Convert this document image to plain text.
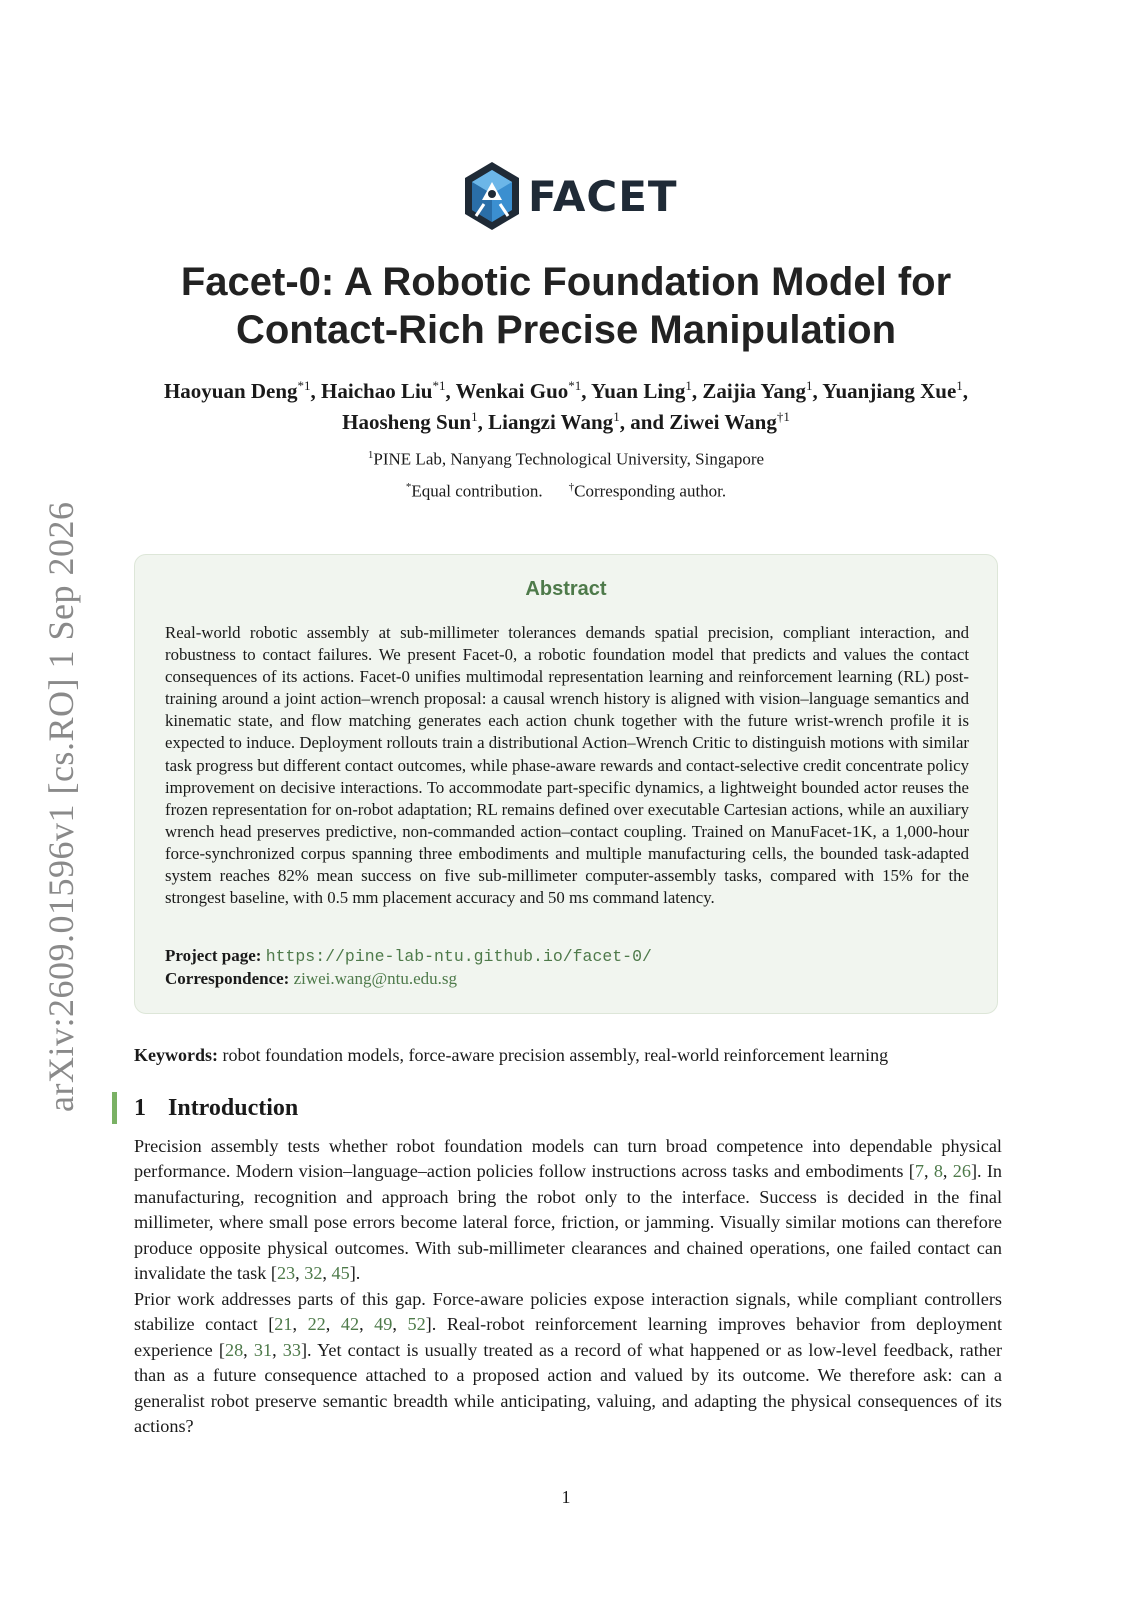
arXiv:2609.01596v1 [cs.RO] 1 Sep 2026
FACET
Facet-0: A Robotic Foundation Model for
Contact-Rich Precise Manipulation
Haoyuan Deng$^{*1}$, Haichao Liu$^{*1}$, Wenkai Guo$^{*1}$, Yuan Ling$^1$, Zaijia Yang$^1$, Yuanjiang Xue$^1$, Haosheng Sun$^1$, Liangzi Wang$^1$, and Ziwei Wang$^{\dagger 1}$
$^1$PINE Lab, Nanyang Technological University, Singapore
*Equal contribution. †Corresponding author.
Abstract
Real-world robotic assembly at sub-millimeter tolerances demands spatial precision, compliant interaction, and robustness to contact failures. We present Facet-0, a robotic foundation model that predicts and values the contact consequences of its actions. Facet-0 unifies multimodal representation learning and reinforcement learning (RL) post-training around a joint action–wrench proposal: a causal wrench history is aligned with vision–language semantics and kinematic state, and flow matching generates each action chunk together with the future wrist-wrench profile it is expected to induce. Deployment rollouts train a distributional Action–Wrench Critic to distinguish motions with similar task progress but different contact outcomes, while phase-aware rewards and contact-selective credit concentrate policy improvement on decisive interactions. To accommodate part-specific dynamics, a lightweight bounded actor reuses the frozen representation for on-robot adaptation; RL remains defined over executable Cartesian actions, while an auxiliary wrench head preserves predictive, non-commanded action–contact coupling. Trained on ManuFacet-1K, a 1,000-hour force-synchronized corpus spanning three embodiments and multiple manufacturing cells, the bounded task-adapted system reaches 82% mean success on five sub-millimeter computer-assembly tasks, compared with 15% for the strongest baseline, with 0.5 mm placement accuracy and 50 ms command latency.
Project page: https://pine-lab-ntu.github.io/facet-0/
Correspondence: ziwei.wang@ntu.edu.sg
Keywords: robot foundation models, force-aware precision assembly, real-world reinforcement learning
1 Introduction
Precision assembly tests whether robot foundation models can turn broad competence into dependable physical performance. Modern vision–language–action policies follow instructions across tasks and embodiments [7, 8, 26]. In manufacturing, recognition and approach bring the robot only to the interface. Success is decided in the final millimeter, where small pose errors become lateral force, friction, or jamming. Visually similar motions can therefore produce opposite physical outcomes. With sub-millimeter clearances and chained operations, one failed contact can invalidate the task [23, 32, 45].
Prior work addresses parts of this gap. Force-aware policies expose interaction signals, while compliant controllers stabilize contact [21, 22, 42, 49, 52]. Real-robot reinforcement learning improves behavior from deployment experience [28, 31, 33]. Yet contact is usually treated as a record of what happened or as low-level feedback, rather than as a future consequence attached to a proposed action and valued by its outcome. We therefore ask: can a generalist robot preserve semantic breadth while anticipating, valuing, and adapting the physical consequences of its actions?
1
